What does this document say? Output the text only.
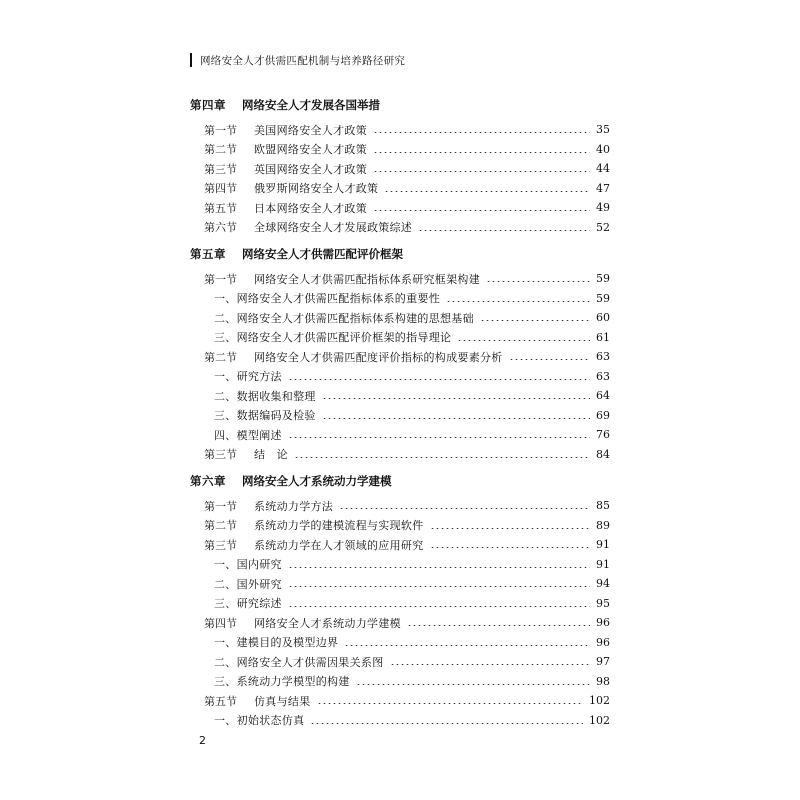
网络安全人才供需匹配机制与培养路径研究
第四章	网络安全人才发展各国举措
第一节	美国网络安全人才政策	35
第二节	欧盟网络安全人才政策	40
第三节	英国网络安全人才政策	44
第四节	俄罗斯网络安全人才政策	47
第五节	日本网络安全人才政策	49
第六节	全球网络安全人才发展政策综述	52
第五章	网络安全人才供需匹配评价框架
第一节	网络安全人才供需匹配指标体系研究框架构建	59
一、网络安全人才供需匹配指标体系的重要性	59
二、网络安全人才供需匹配指标体系构建的思想基础	60
三、网络安全人才供需匹配评价框架的指导理论	61
第二节	网络安全人才供需匹配度评价指标的构成要素分析	63
一、研究方法	63
二、数据收集和整理	64
三、数据编码及检验	69
四、模型阐述	76
第三节	结　论	84
第六章	网络安全人才系统动力学建模
第一节	系统动力学方法	85
第二节	系统动力学的建模流程与实现软件	89
第三节	系统动力学在人才领域的应用研究	91
一、国内研究	91
二、国外研究	94
三、研究综述	95
第四节	网络安全人才系统动力学建模	96
一、建模目的及模型边界	96
二、网络安全人才供需因果关系图	97
三、系统动力学模型的构建	98
第五节	仿真与结果	102
一、初始状态仿真	102
2
